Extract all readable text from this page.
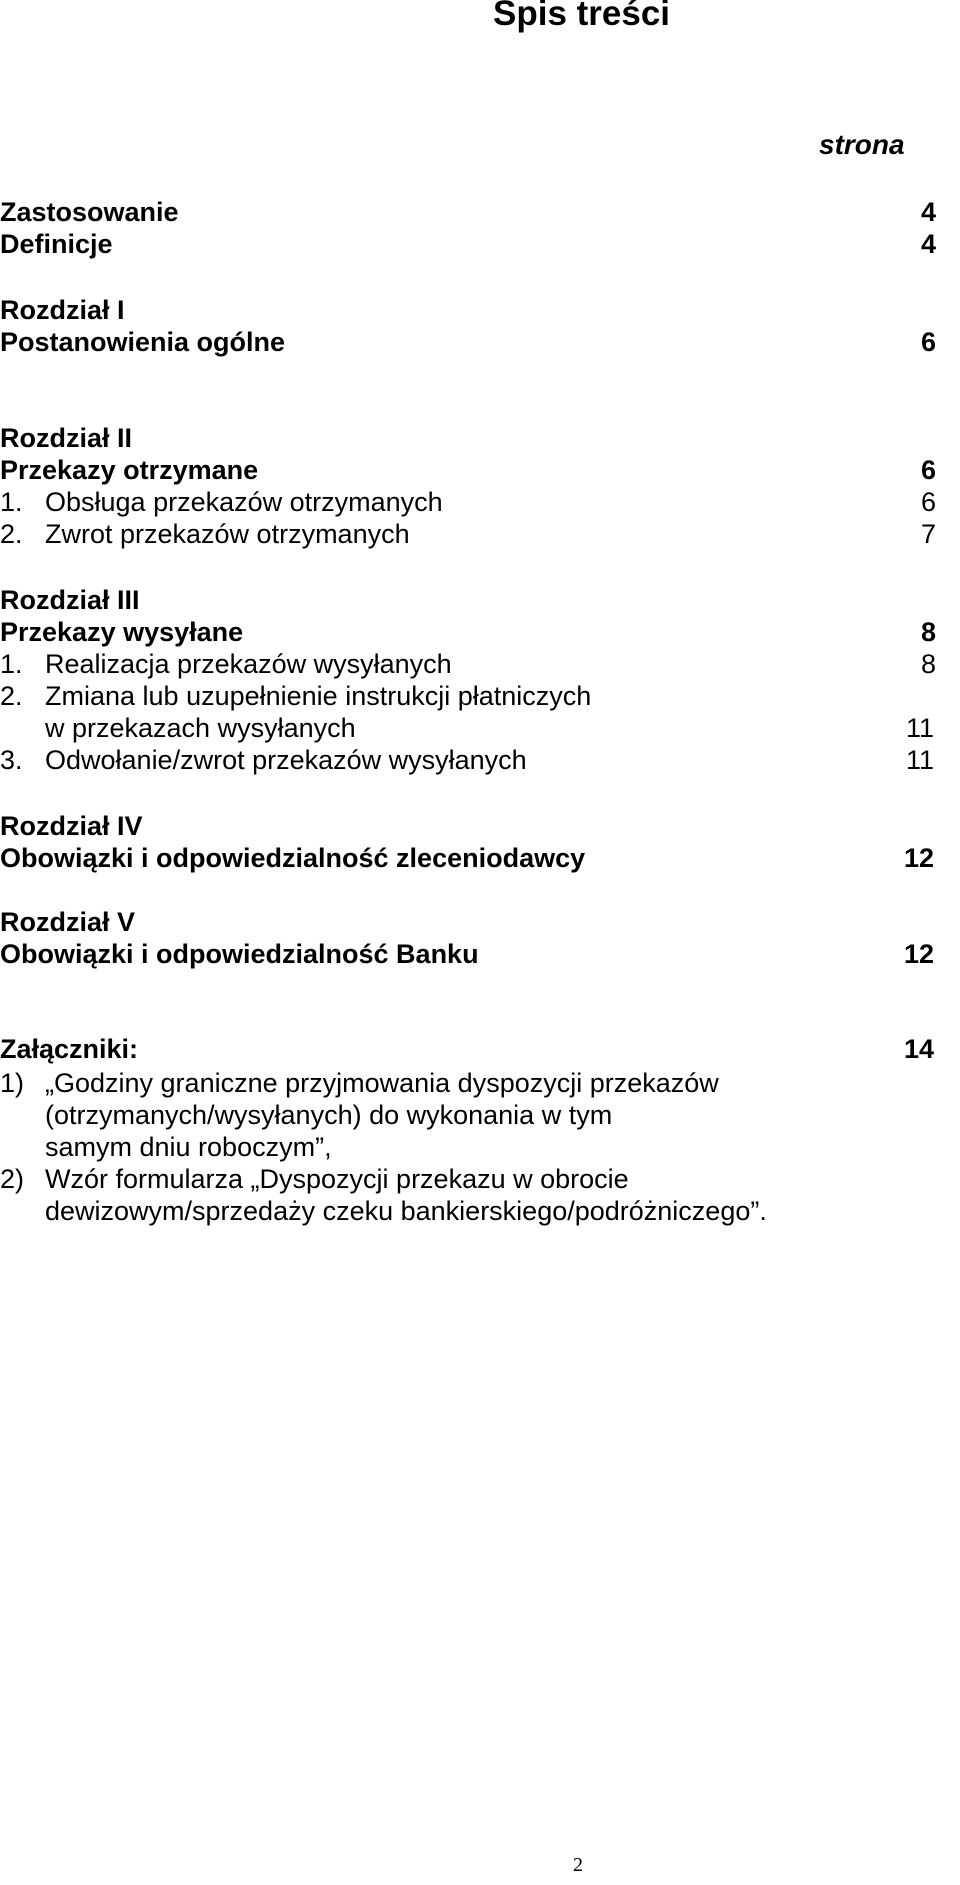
Spis treści
strona
Zastosowanie	4
Definicje	4
Rozdział I
Postanowienia ogólne	6
Rozdział II
Przekazy otrzymane	6
1. Obsługa przekazów otrzymanych	6
2. Zwrot przekazów otrzymanych	7
Rozdział III
Przekazy wysyłane	8
1. Realizacja przekazów wysyłanych	8
2. Zmiana lub uzupełnienie instrukcji płatniczych
w przekazach wysyłanych	11
3. Odwołanie/zwrot przekazów wysyłanych	11
Rozdział IV
Obowiązki i odpowiedzialność zleceniodawcy	12
Rozdział V
Obowiązki i odpowiedzialność Banku	12
Załączniki:	14
1) „Godziny graniczne przyjmowania dyspozycji przekazów
(otrzymanych/wysyłanych) do wykonania w tym
samym dniu roboczym”,
2) Wzór formularza „Dyspozycji przekazu w obrocie
dewizowym/sprzedaży czeku bankierskiego/podróżniczego”.
2
